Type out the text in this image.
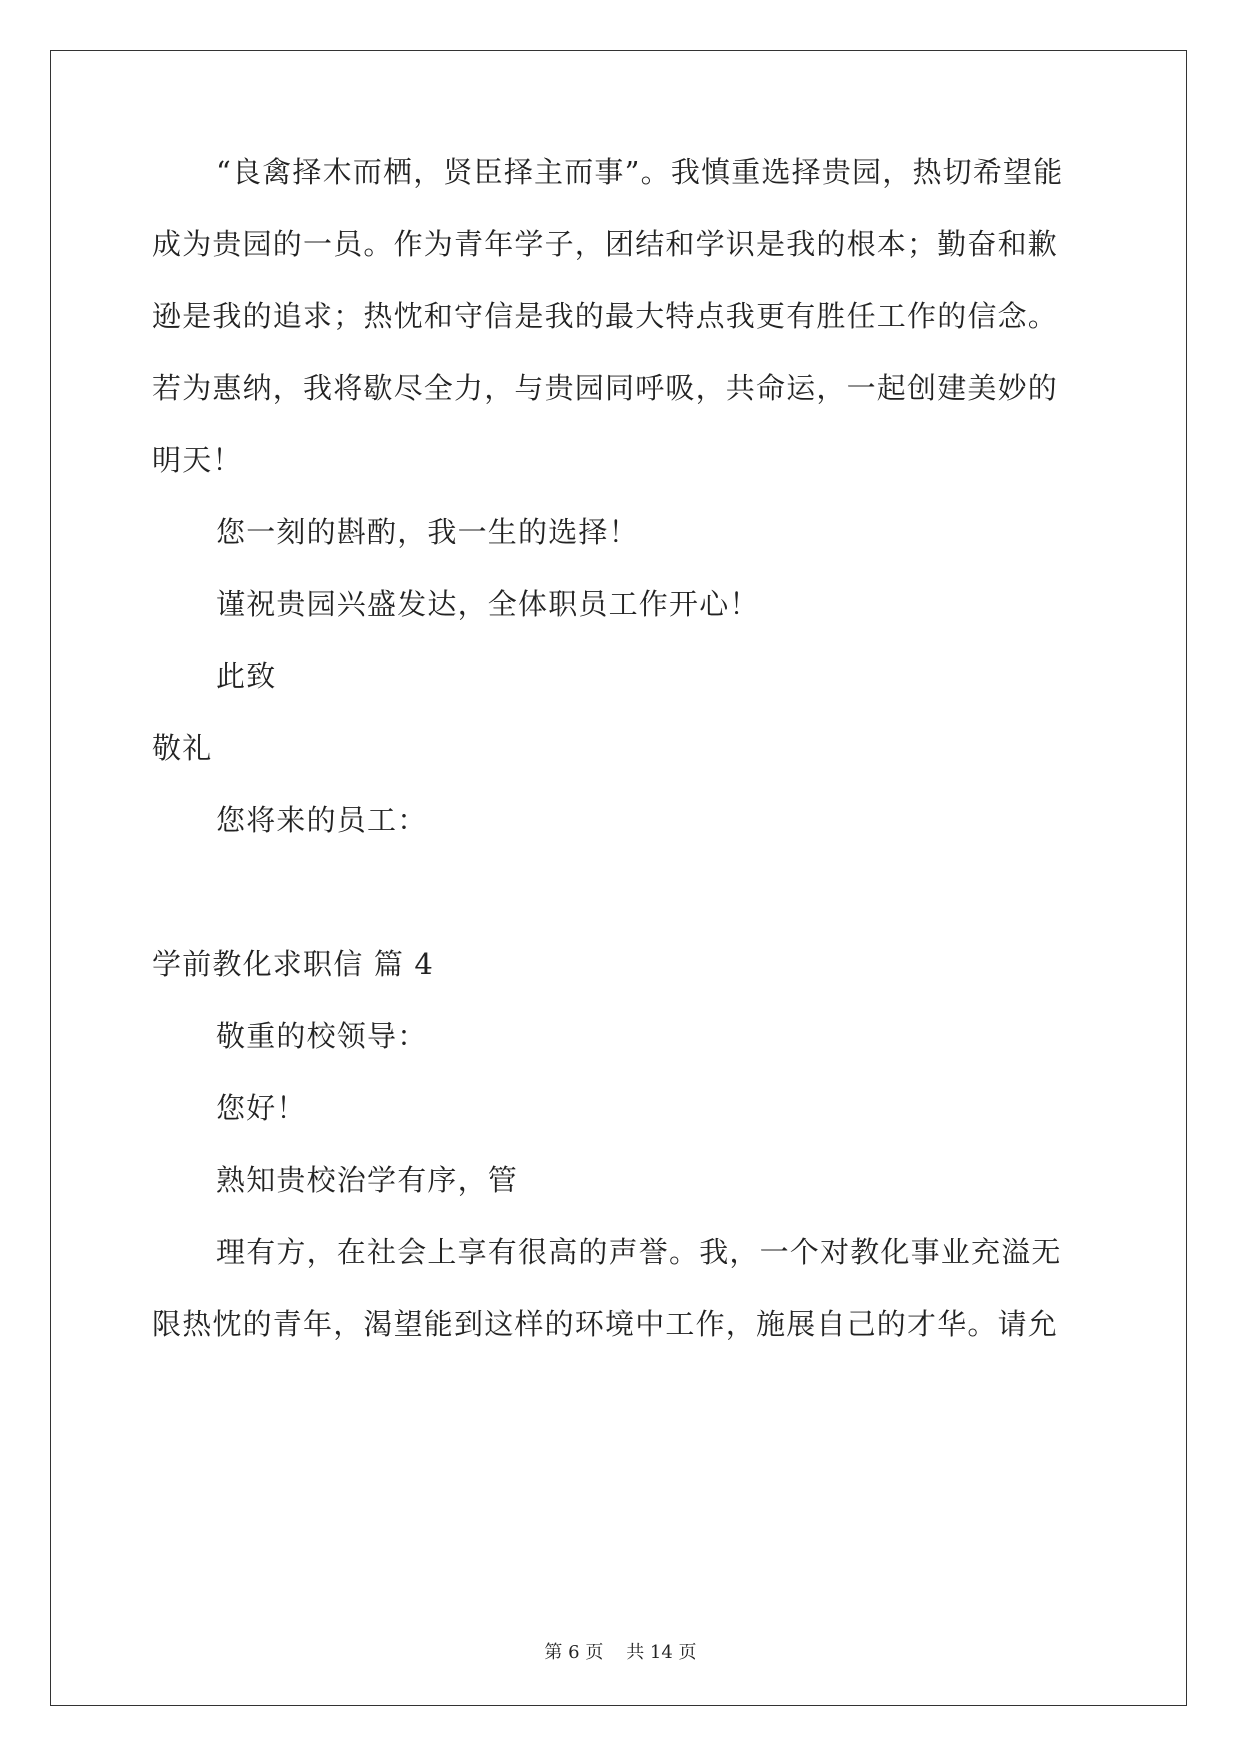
“良禽择木而栖，贤臣择主而事”。我慎重选择贵园，热切希望能
成为贵园的一员。作为青年学子，团结和学识是我的根本；勤奋和歉
逊是我的追求；热忱和守信是我的最大特点我更有胜任工作的信念。
若为惠纳，我将歇尽全力，与贵园同呼吸，共命运，一起创建美妙的
明天！
您一刻的斟酌，我一生的选择！
谨祝贵园兴盛发达，全体职员工作开心！
此致
敬礼
您将来的员工：
学前教化求职信 篇 4
敬重的校领导：
您好！
熟知贵校治学有序，管
理有方，在社会上享有很高的声誉。我，一个对教化事业充溢无
限热忱的青年，渴望能到这样的环境中工作，施展自己的才华。请允
第 6 页    共 14 页
